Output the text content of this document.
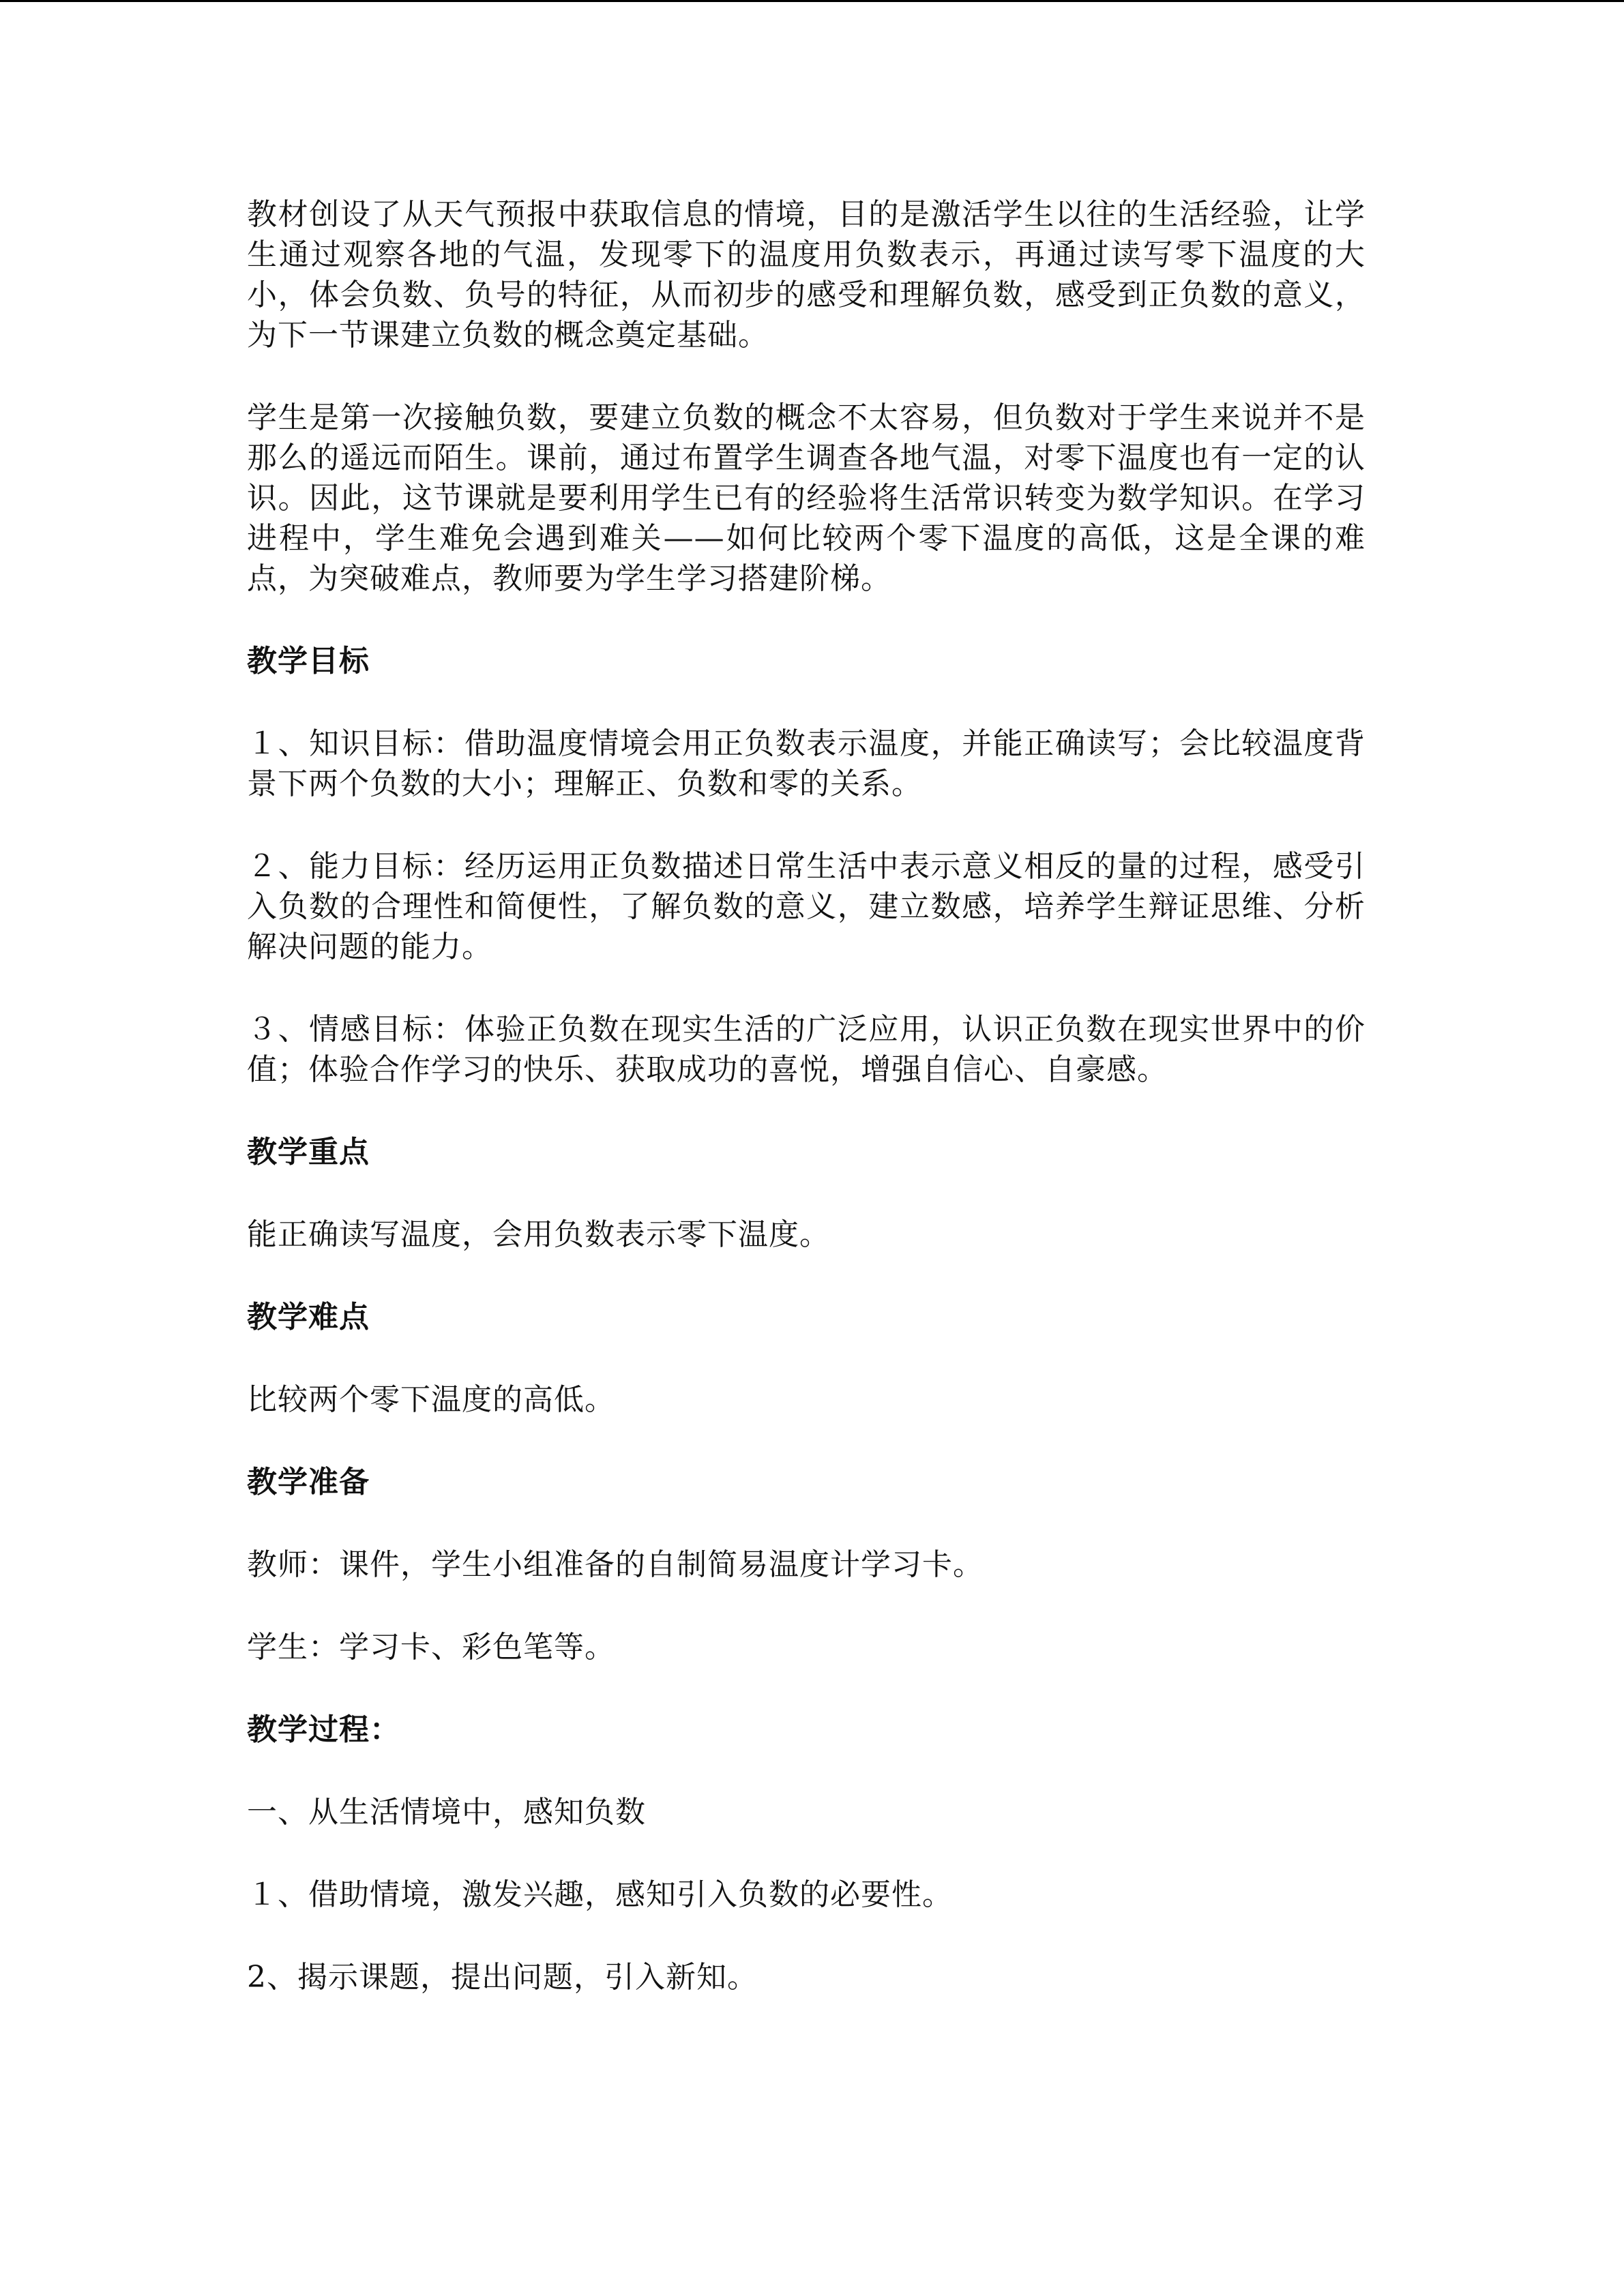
教材创设了从天气预报中获取信息的情境，目的是激活学生以往的生活经验，让学生通过观察各地的气温，发现零下的温度用负数表示，再通过读写零下温度的大小，体会负数、负号的特征，从而初步的感受和理解负数，感受到正负数的意义，为下一节课建立负数的概念奠定基础。

学生是第一次接触负数，要建立负数的概念不太容易，但负数对于学生来说并不是那么的遥远而陌生。课前，通过布置学生调查各地气温，对零下温度也有一定的认识。因此，这节课就是要利用学生已有的经验将生活常识转变为数学知识。在学习进程中，学生难免会遇到难关——如何比较两个零下温度的高低，这是全课的难点，为突破难点，教师要为学生学习搭建阶梯。

教学目标

１、知识目标：借助温度情境会用正负数表示温度，并能正确读写；会比较温度背景下两个负数的大小；理解正、负数和零的关系。

２、能力目标：经历运用正负数描述日常生活中表示意义相反的量的过程，感受引入负数的合理性和简便性，了解负数的意义，建立数感，培养学生辩证思维、分析解决问题的能力。

３、情感目标：体验正负数在现实生活的广泛应用，认识正负数在现实世界中的价值；体验合作学习的快乐、获取成功的喜悦，增强自信心、自豪感。

教学重点

能正确读写温度，会用负数表示零下温度。

教学难点

比较两个零下温度的高低。

教学准备

教师：课件，学生小组准备的自制简易温度计学习卡。

学生：学习卡、彩色笔等。

教学过程：

一、从生活情境中，感知负数

１、借助情境，激发兴趣，感知引入负数的必要性。

2、揭示课题，提出问题，引入新知。
